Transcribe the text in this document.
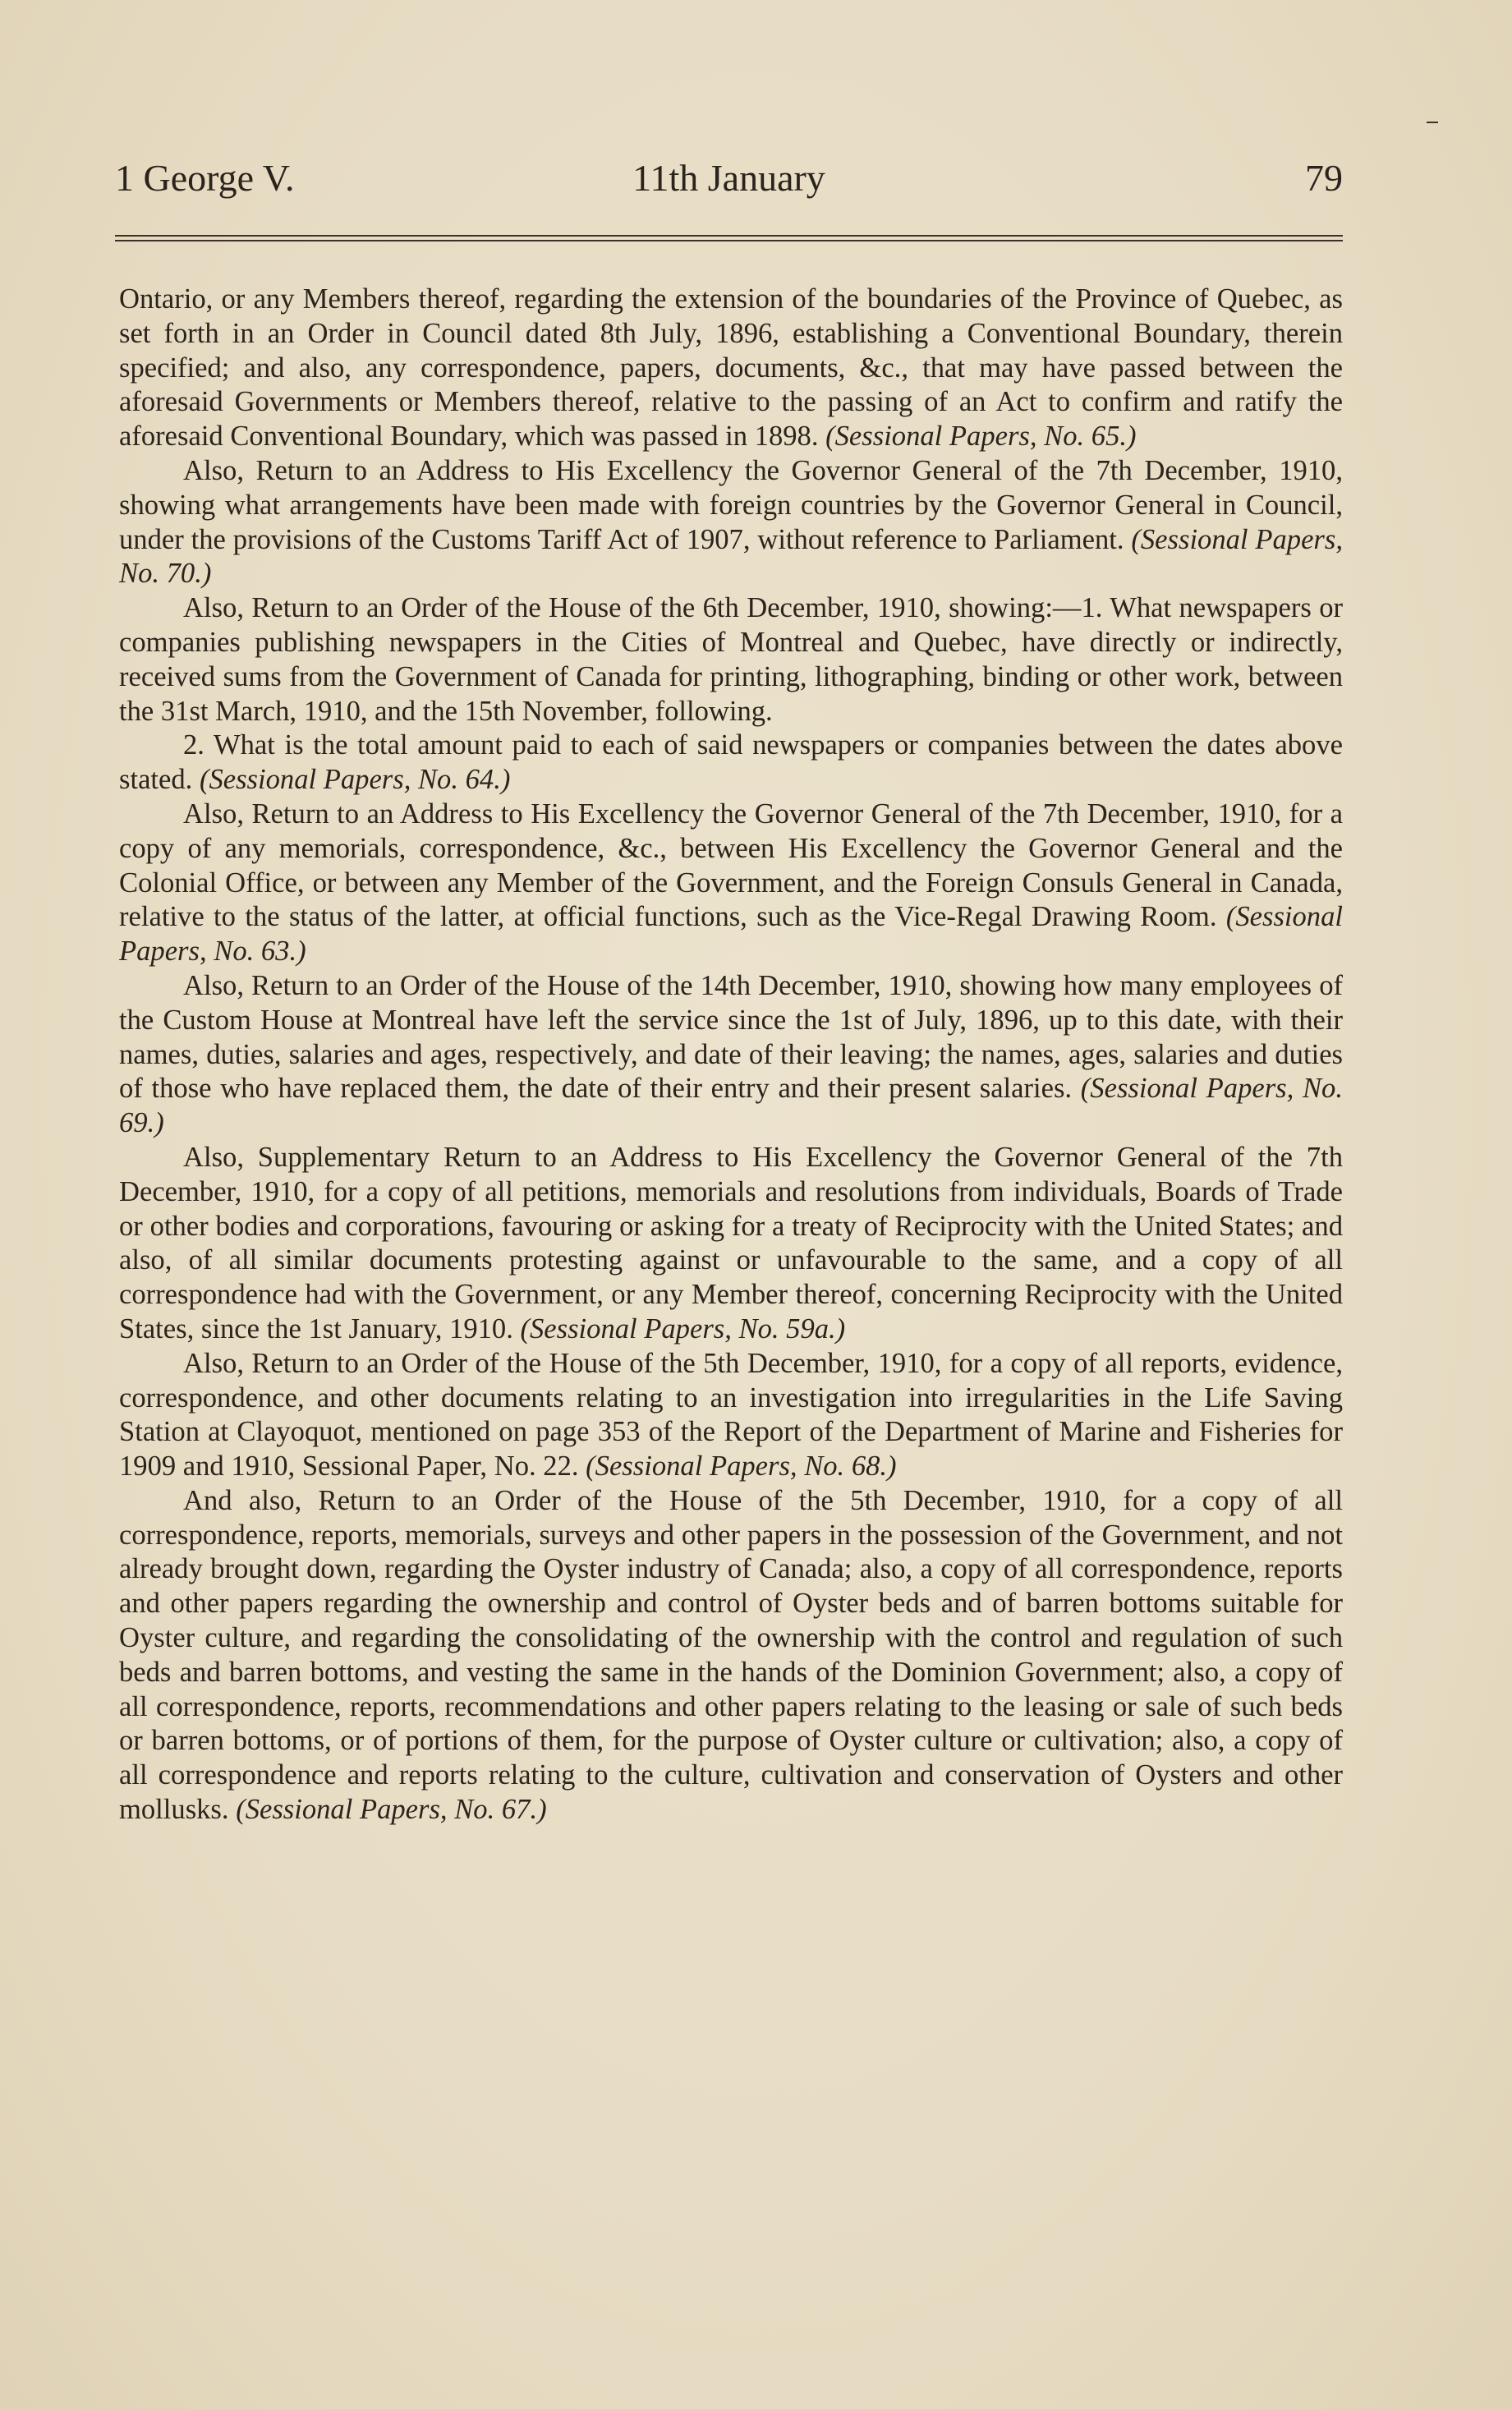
1 George V.	11th January	79

Ontario, or any Members thereof, regarding the extension of the boundaries of the Province of Quebec, as set forth in an Order in Council dated 8th July, 1896, establishing a Conventional Boundary, therein specified; and also, any correspondence, papers, documents, &c., that may have passed between the aforesaid Governments or Members thereof, relative to the passing of an Act to confirm and ratify the aforesaid Conventional Boundary, which was passed in 1898. (Sessional Papers, No. 65.)

Also, Return to an Address to His Excellency the Governor General of the 7th December, 1910, showing what arrangements have been made with foreign countries by the Governor General in Council, under the provisions of the Customs Tariff Act of 1907, without reference to Parliament. (Sessional Papers, No. 70.)

Also, Return to an Order of the House of the 6th December, 1910, showing:—1. What newspapers or companies publishing newspapers in the Cities of Montreal and Quebec, have directly or indirectly, received sums from the Government of Canada for printing, lithographing, binding or other work, between the 31st March, 1910, and the 15th November, following.

2. What is the total amount paid to each of said newspapers or companies between the dates above stated. (Sessional Papers, No. 64.)

Also, Return to an Address to His Excellency the Governor General of the 7th December, 1910, for a copy of any memorials, correspondence, &c., between His Excellency the Governor General and the Colonial Office, or between any Member of the Government, and the Foreign Consuls General in Canada, relative to the status of the latter, at official functions, such as the Vice-Regal Drawing Room. (Sessional Papers, No. 63.)

Also, Return to an Order of the House of the 14th December, 1910, showing how many employees of the Custom House at Montreal have left the service since the 1st of July, 1896, up to this date, with their names, duties, salaries and ages, respectively, and date of their leaving; the names, ages, salaries and duties of those who have replaced them, the date of their entry and their present salaries. (Sessional Papers, No. 69.)

Also, Supplementary Return to an Address to His Excellency the Governor General of the 7th December, 1910, for a copy of all petitions, memorials and resolutions from individuals, Boards of Trade or other bodies and corporations, favouring or asking for a treaty of Reciprocity with the United States; and also, of all similar documents protesting against or unfavourable to the same, and a copy of all correspondence had with the Government, or any Member thereof, concerning Reciprocity with the United States, since the 1st January, 1910. (Sessional Papers, No. 59a.)

Also, Return to an Order of the House of the 5th December, 1910, for a copy of all reports, evidence, correspondence, and other documents relating to an investigation into irregularities in the Life Saving Station at Clayoquot, mentioned on page 353 of the Report of the Department of Marine and Fisheries for 1909 and 1910, Sessional Paper, No. 22. (Sessional Papers, No. 68.)

And also, Return to an Order of the House of the 5th December, 1910, for a copy of all correspondence, reports, memorials, surveys and other papers in the possession of the Government, and not already brought down, regarding the Oyster industry of Canada; also, a copy of all correspondence, reports and other papers regarding the ownership and control of Oyster beds and of barren bottoms suitable for Oyster culture, and regarding the consolidating of the ownership with the control and regulation of such beds and barren bottoms, and vesting the same in the hands of the Dominion Government; also, a copy of all correspondence, reports, recommendations and other papers relating to the leasing or sale of such beds or barren bottoms, or of portions of them, for the purpose of Oyster culture or cultivation; also, a copy of all correspondence and reports relating to the culture, cultivation and conservation of Oysters and other mollusks. (Sessional Papers, No. 67.)
